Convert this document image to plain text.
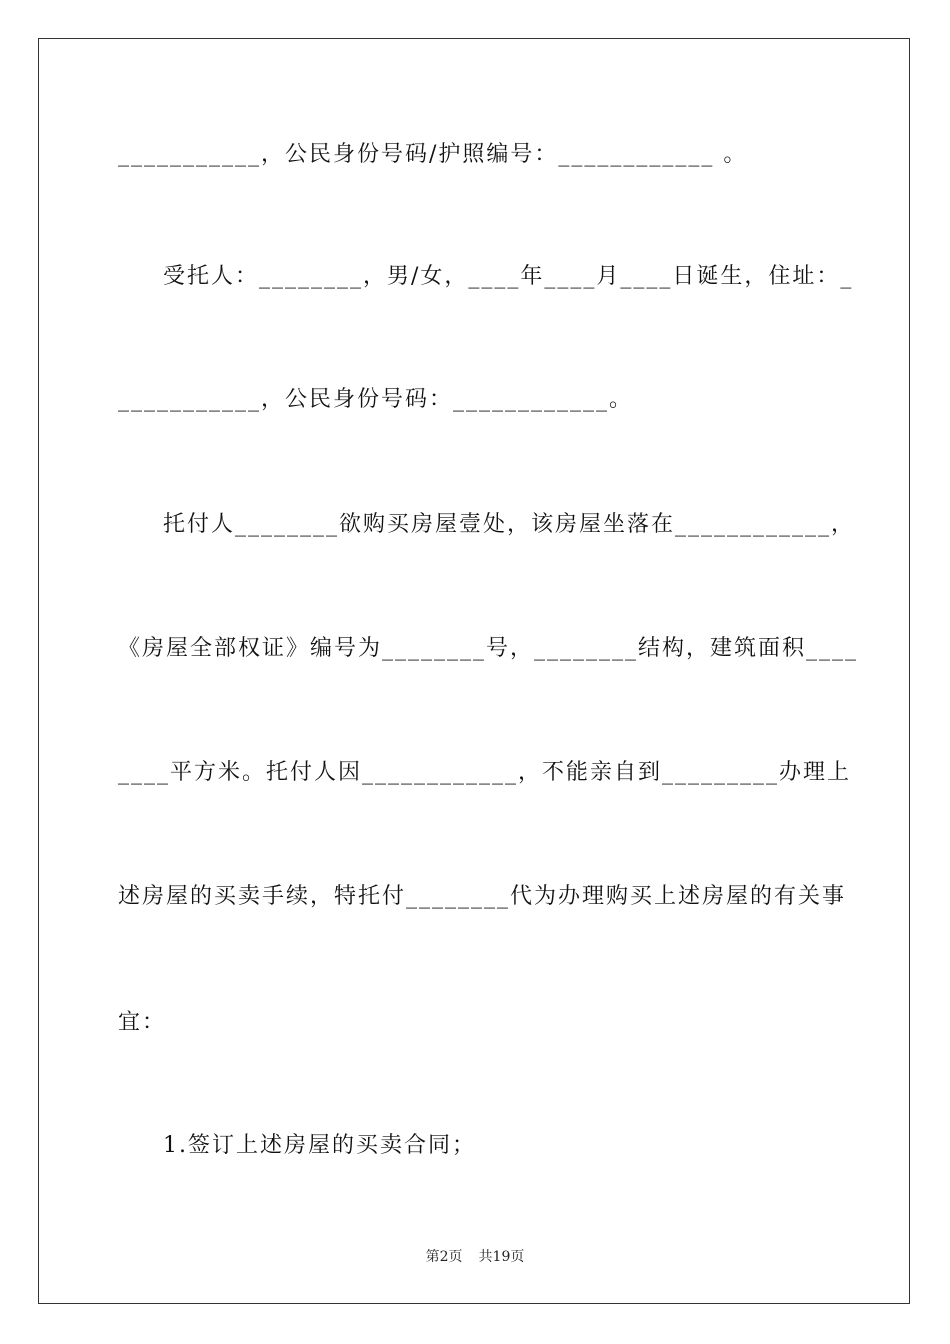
___________，公民身份号码/护照编号：____________ 。
受托人：________，男/女，____年____月____日诞生，住址：_
___________，公民身份号码：____________。
托付人________欲购买房屋壹处，该房屋坐落在____________，
《房屋全部权证》编号为________号，________结构，建筑面积____
____平方米。托付人因____________，不能亲自到_________办理上
述房屋的买卖手续，特托付________代为办理购买上述房屋的有关事
宜：
1.签订上述房屋的买卖合同；
第2页 共19页
